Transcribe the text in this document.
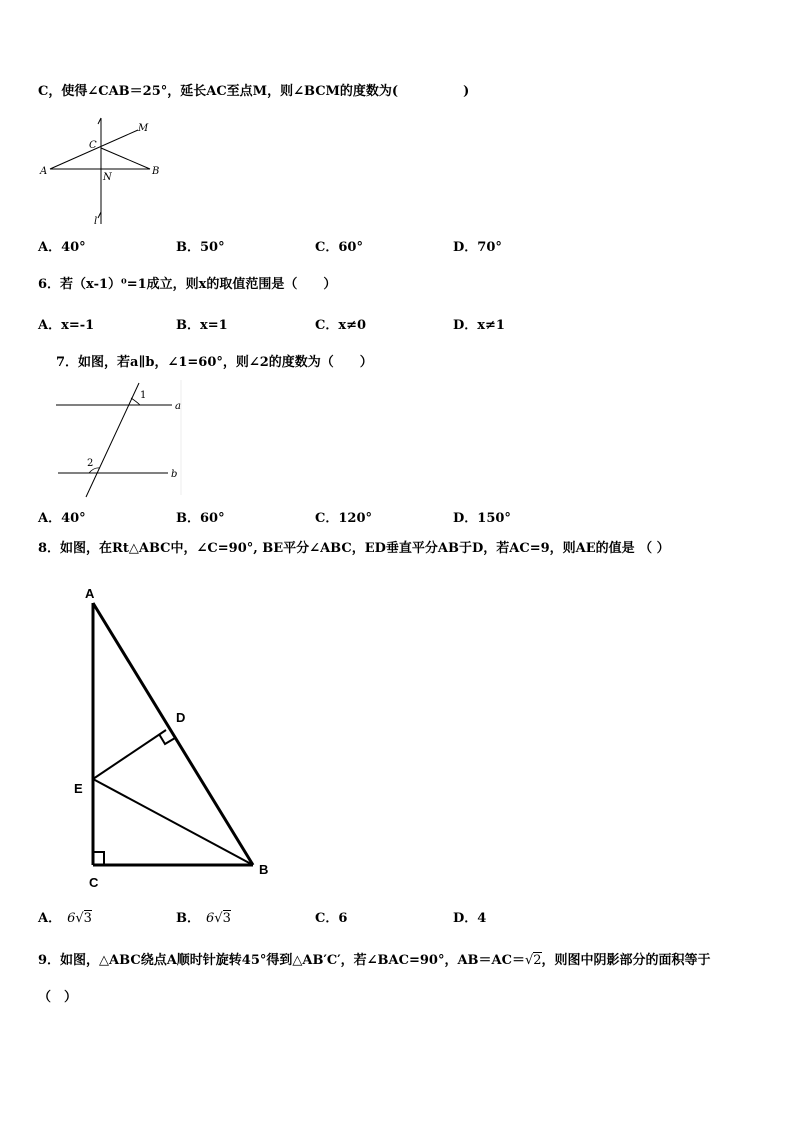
C，使得∠CAB＝25°，延长AC至点M，则∠BCM的度数为(　　　　　)
C
M
A	B
N
l
A．40°	B．50°	C．60°	D．70°
6．若（x-1）⁰=1成立，则x的取值范围是（　　）
A．x=-1	B．x=1	C．x≠0	D．x≠1
7．如图，若a∥b，∠1=60°，则∠2的度数为（　　）
1
2
a
b
A．40°	B．60°	C．120°	D．150°
8．如图，在Rt△ABC中，∠C=90°, BE平分∠ABC，ED垂直平分AB于D，若AC=9，则AE的值是 （ ）
A
D
E
C
B
A． 6√3	B． 6√3	C．6	D．4
9．如图，△ABC绕点A顺时针旋转45°得到△AB′C′，若∠BAC=90°，AB＝AC＝√2，则图中阴影部分的面积等于
（　）
